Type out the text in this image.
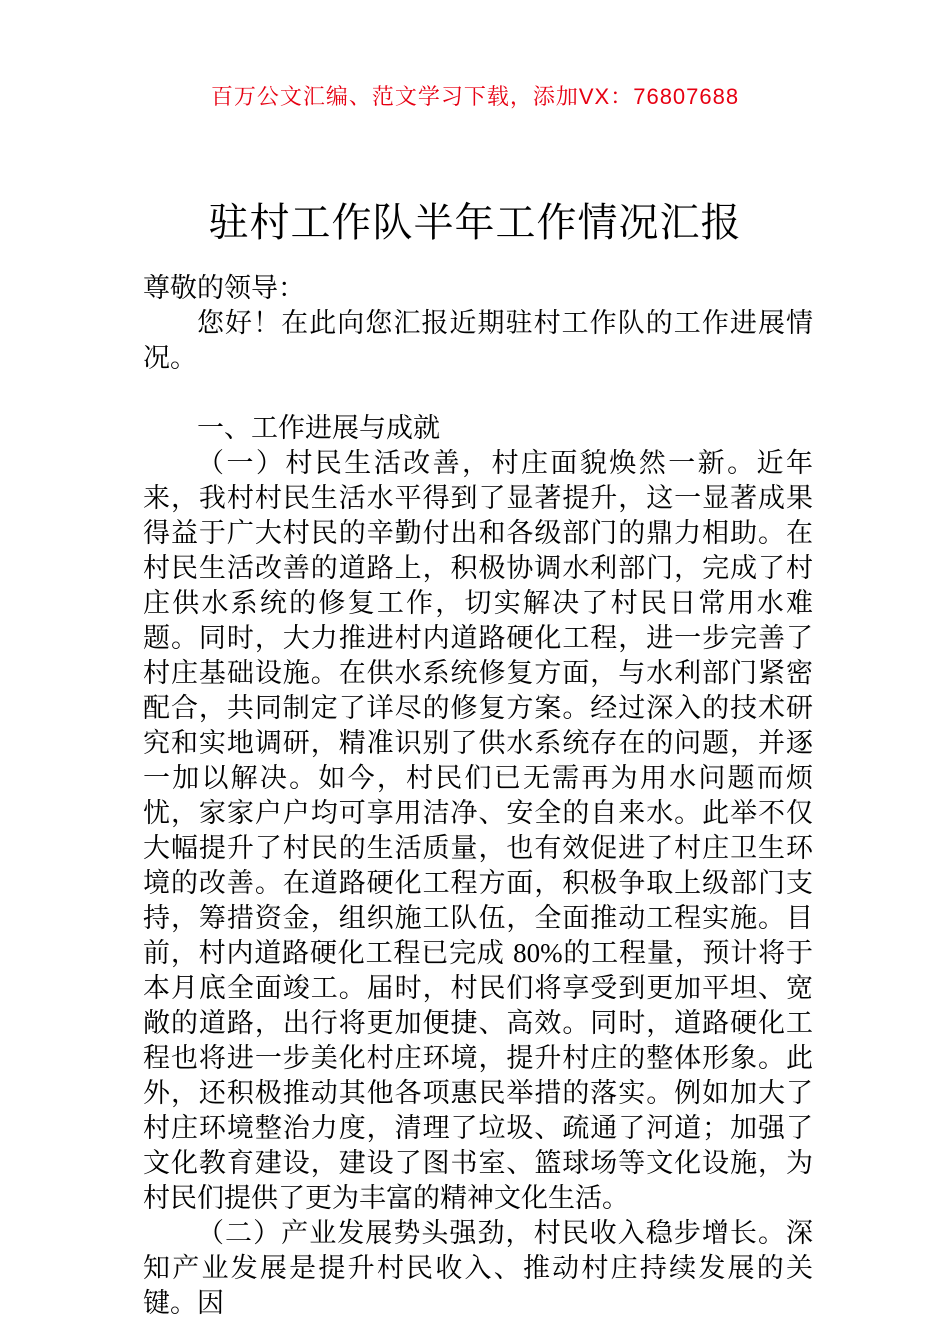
百万公文汇编、范文学习下载，添加VX：76807688
驻村工作队半年工作情况汇报

尊敬的领导：

您好！在此向您汇报近期驻村工作队的工作进展情况。

一、工作进展与成就

（一）村民生活改善，村庄面貌焕然一新。近年来，我村村民生活水平得到了显著提升，这一显著成果得益于广大村民的辛勤付出和各级部门的鼎力相助。在村民生活改善的道路上，积极协调水利部门，完成了村庄供水系统的修复工作，切实解决了村民日常用水难题。同时，大力推进村内道路硬化工程，进一步完善了村庄基础设施。在供水系统修复方面，与水利部门紧密配合，共同制定了详尽的修复方案。经过深入的技术研究和实地调研，精准识别了供水系统存在的问题，并逐一加以解决。如今，村民们已无需再为用水问题而烦忧，家家户户均可享用洁净、安全的自来水。此举不仅大幅提升了村民的生活质量，也有效促进了村庄卫生环境的改善。在道路硬化工程方面，积极争取上级部门支持，筹措资金，组织施工队伍，全面推动工程实施。目前，村内道路硬化工程已完成 80%的工程量，预计将于本月底全面竣工。届时，村民们将享受到更加平坦、宽敞的道路，出行将更加便捷、高效。同时，道路硬化工程也将进一步美化村庄环境，提升村庄的整体形象。此外，还积极推动其他各项惠民举措的落实。例如加大了村庄环境整治力度，清理了垃圾、疏通了河道；加强了文化教育建设，建设了图书室、篮球场等文化设施，为村民们提供了更为丰富的精神文化生活。

（二）产业发展势头强劲，村民收入稳步增长。深知产业发展是提升村民收入、推动村庄持续发展的关键。因
